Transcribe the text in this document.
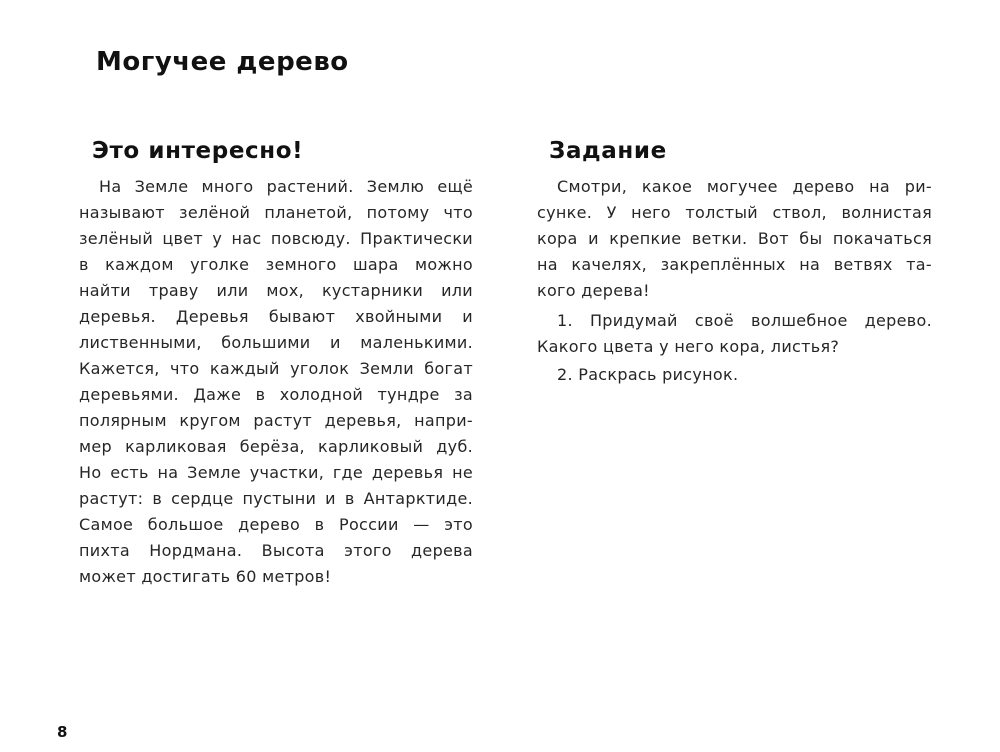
Могучее дерево
Это интересно!
На Земле много растений. Землю ещё
называют зелёной планетой, потому что
зелёный цвет у нас повсюду. Практически
в каждом уголке земного шара можно
найти траву или мох, кустарники или
деревья. Деревья бывают хвойными и
лиственными, большими и маленькими.
Кажется, что каждый уголок Земли богат
деревьями. Даже в холодной тундре за
полярным кругом растут деревья, напри-
мер карликовая берёза, карликовый дуб.
Но есть на Земле участки, где деревья не
растут: в сердце пустыни и в Антарктиде.
Самое большое дерево в России — это
пихта Нордмана. Высота этого дерева
может достигать 60 метров!
Задание
Смотри, какое могучее дерево на ри-
сунке. У него толстый ствол, волнистая
кора и крепкие ветки. Вот бы покачаться
на качелях, закреплённых на ветвях та-
кого дерева!
1. Придумай своё волшебное дерево.
Какого цвета у него кора, листья?
2. Раскрась рисунок.
8
